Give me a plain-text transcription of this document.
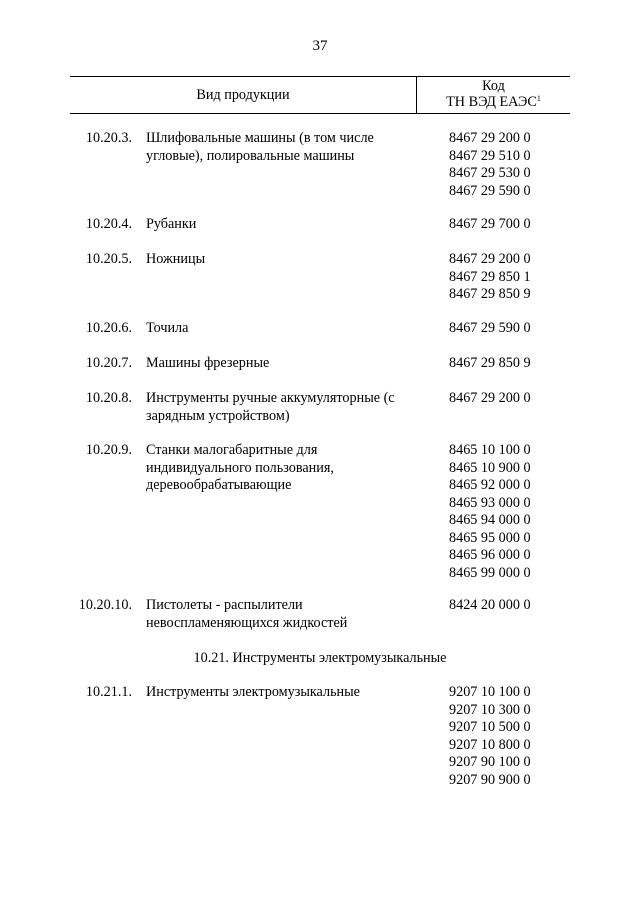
37
Вид продукции
Код
ТН ВЭД ЕАЭС$^1$
10.20.3. Шлифовальные машины (в том числе угловые), полировальные машины
8467 29 200 0
8467 29 510 0
8467 29 530 0
8467 29 590 0
10.20.4. Рубанки	8467 29 700 0
10.20.5. Ножницы	8467 29 200 0
8467 29 850 1
8467 29 850 9
10.20.6. Точила	8467 29 590 0
10.20.7. Машины фрезерные	8467 29 850 9
10.20.8. Инструменты ручные аккумуляторные (с зарядным устройством)
8467 29 200 0
10.20.9. Станки малогабаритные для индивидуального пользования, деревообрабатывающие
8465 10 100 0
8465 10 900 0
8465 92 000 0
8465 93 000 0
8465 94 000 0
8465 95 000 0
8465 96 000 0
8465 99 000 0
10.20.10. Пистолеты - распылители невоспламеняющихся жидкостей
8424 20 000 0
10.21. Инструменты электромузыкальные
10.21.1. Инструменты электромузыкальные	9207 10 100 0
9207 10 300 0
9207 10 500 0
9207 10 800 0
9207 90 100 0
9207 90 900 0
